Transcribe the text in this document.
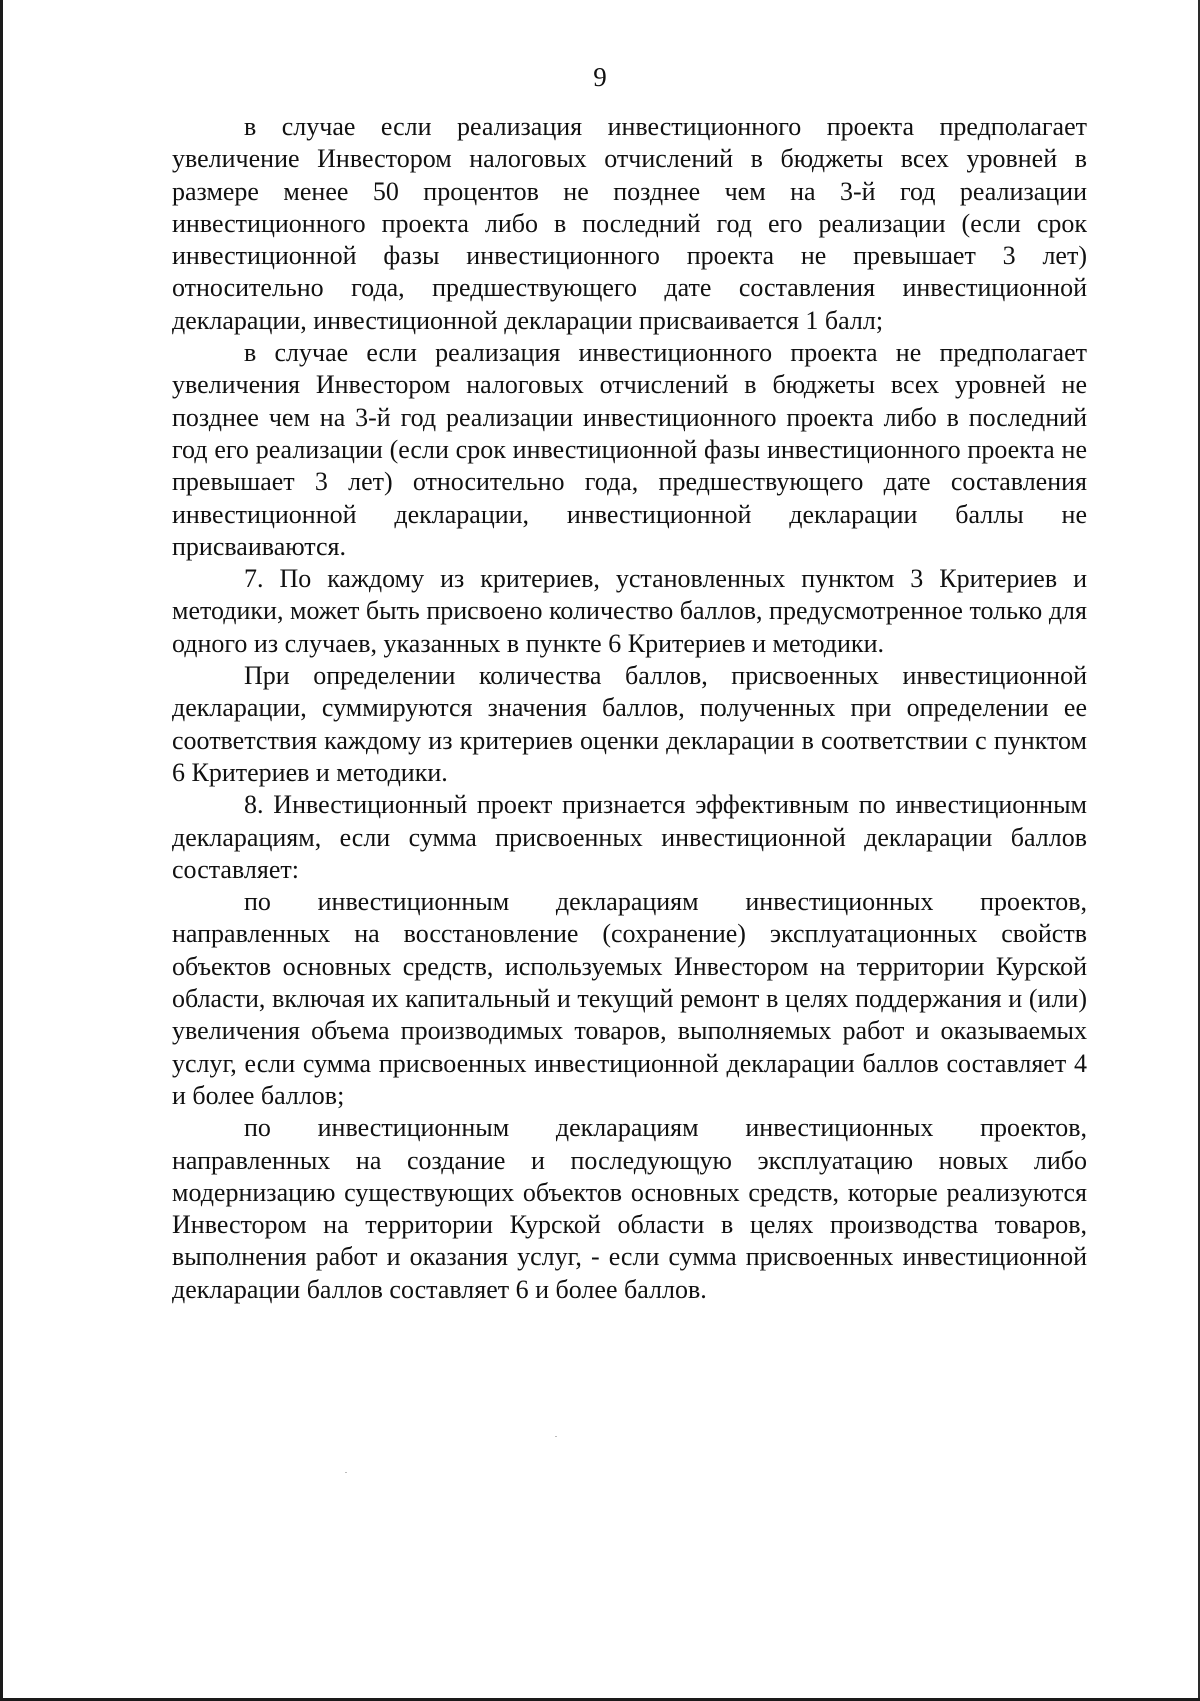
9

в случае если реализация инвестиционного проекта предполагает увеличение Инвестором налоговых отчислений в бюджеты всех уровней в размере менее 50 процентов не позднее чем на 3-й год реализации инвестиционного проекта либо в последний год его реализации (если срок инвестиционной фазы инвестиционного проекта не превышает 3 лет) относительно года, предшествующего дате составления инвестиционной декларации, инвестиционной декларации присваивается 1 балл;

в случае если реализация инвестиционного проекта не предполагает увеличения Инвестором налоговых отчислений в бюджеты всех уровней не позднее чем на 3-й год реализации инвестиционного проекта либо в последний год его реализации (если срок инвестиционной фазы инвестиционного проекта не превышает 3 лет) относительно года, предшествующего дате составления инвестиционной декларации, инвестиционной декларации баллы не присваиваются.

7. По каждому из критериев, установленных пунктом 3 Критериев и методики, может быть присвоено количество баллов, предусмотренное только для одного из случаев, указанных в пункте 6 Критериев и методики.

При определении количества баллов, присвоенных инвестиционной декларации, суммируются значения баллов, полученных при определении ее соответствия каждому из критериев оценки декларации в соответствии с пунктом 6 Критериев и методики.

8. Инвестиционный проект признается эффективным по инвестиционным декларациям, если сумма присвоенных инвестиционной декларации баллов составляет:

по инвестиционным декларациям инвестиционных проектов, направленных на восстановление (сохранение) эксплуатационных свойств объектов основных средств, используемых Инвестором на территории Курской области, включая их капитальный и текущий ремонт в целях поддержания и (или) увеличения объема производимых товаров, выполняемых работ и оказываемых услуг, если сумма присвоенных инвестиционной декларации баллов составляет 4 и более баллов;

по инвестиционным декларациям инвестиционных проектов, направленных на создание и последующую эксплуатацию новых либо модернизацию существующих объектов основных средств, которые реализуются Инвестором на территории Курской области в целях производства товаров, выполнения работ и оказания услуг, - если сумма присвоенных инвестиционной декларации баллов составляет 6 и более баллов.
